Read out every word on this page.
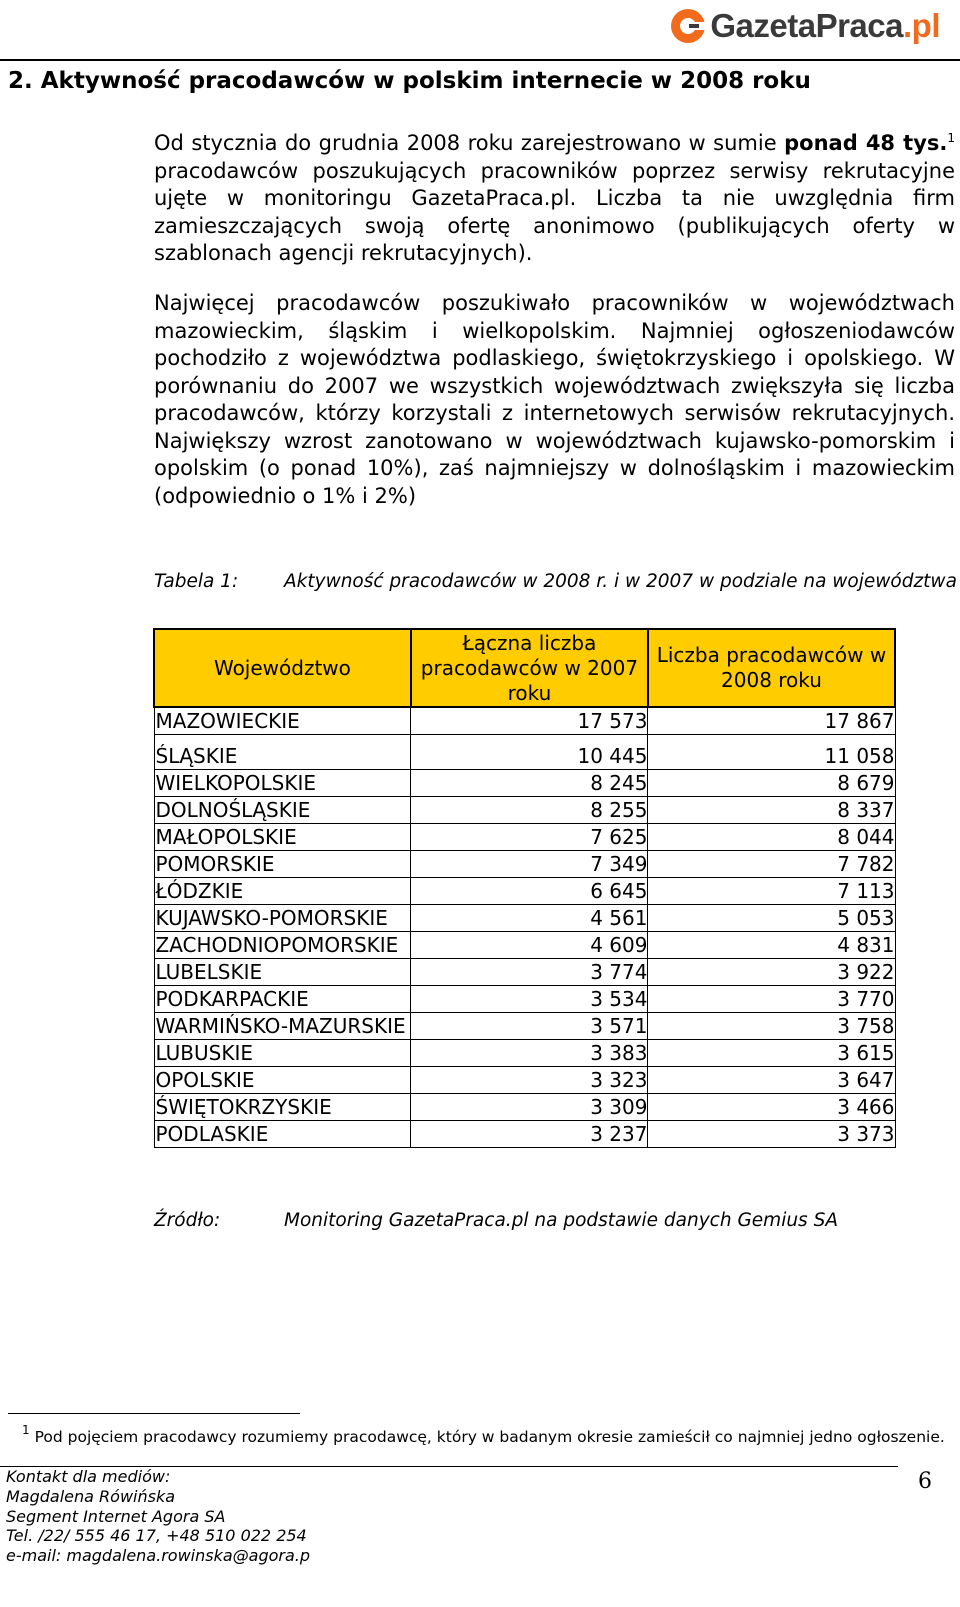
GazetaPraca.pl
2. Aktywność pracodawców w polskim internecie w 2008 roku

Od stycznia do grudnia 2008 roku zarejestrowano w sumie ponad 48 tys.$^1$ pracodawców poszukujących pracowników poprzez serwisy rekrutacyjne ujęte w monitoringu GazetaPraca.pl. Liczba ta nie uwzględnia firm zamieszczających swoją ofertę anonimowo (publikujących oferty w szablonach agencji rekrutacyjnych).

Najwięcej pracodawców poszukiwało pracowników w województwach mazowieckim, śląskim i wielkopolskim. Najmniej ogłoszeniodawców pochodziło z województwa podlaskiego, świętokrzyskiego i opolskiego. W porównaniu do 2007 we wszystkich województwach zwiększyła się liczba pracodawców, którzy korzystali z internetowych serwisów rekrutacyjnych. Największy wzrost zanotowano w województwach kujawsko-pomorskim i opolskim (o ponad 10%), zaś najmniejszy w dolnośląskim i mazowieckim (odpowiednio o 1% i 2%)

Tabela 1: Aktywność pracodawców w 2008 r. i w 2007 w podziale na województwa
Województwo	Łączna liczba pracodawców w 2007 roku	Liczba pracodawców w 2008 roku
MAZOWIECKIE	17 573	17 867
ŚLĄSKIE	10 445	11 058
WIELKOPOLSKIE	8 245	8 679
DOLNOŚLĄSKIE	8 255	8 337
MAŁOPOLSKIE	7 625	8 044
POMORSKIE	7 349	7 782
ŁÓDZKIE	6 645	7 113
KUJAWSKO-POMORSKIE	4 561	5 053
ZACHODNIOPOMORSKIE	4 609	4 831
LUBELSKIE	3 774	3 922
PODKARPACKIE	3 534	3 770
WARMIŃSKO-MAZURSKIE	3 571	3 758
LUBUSKIE	3 383	3 615
OPOLSKIE	3 323	3 647
ŚWIĘTOKRZYSKIE	3 309	3 466
PODLASKIE	3 237	3 373
Źródło:	Monitoring GazetaPraca.pl na podstawie danych Gemius SA
$^1$ Pod pojęciem pracodawcy rozumiemy pracodawcę, który w badanym okresie zamieścił co najmniej jedno ogłoszenie.
Kontakt dla mediów:
Magdalena Rówińska
Segment Internet Agora SA
Tel. /22/ 555 46 17, +48 510 022 254
e-mail: magdalena.rowinska@agora.p
6
